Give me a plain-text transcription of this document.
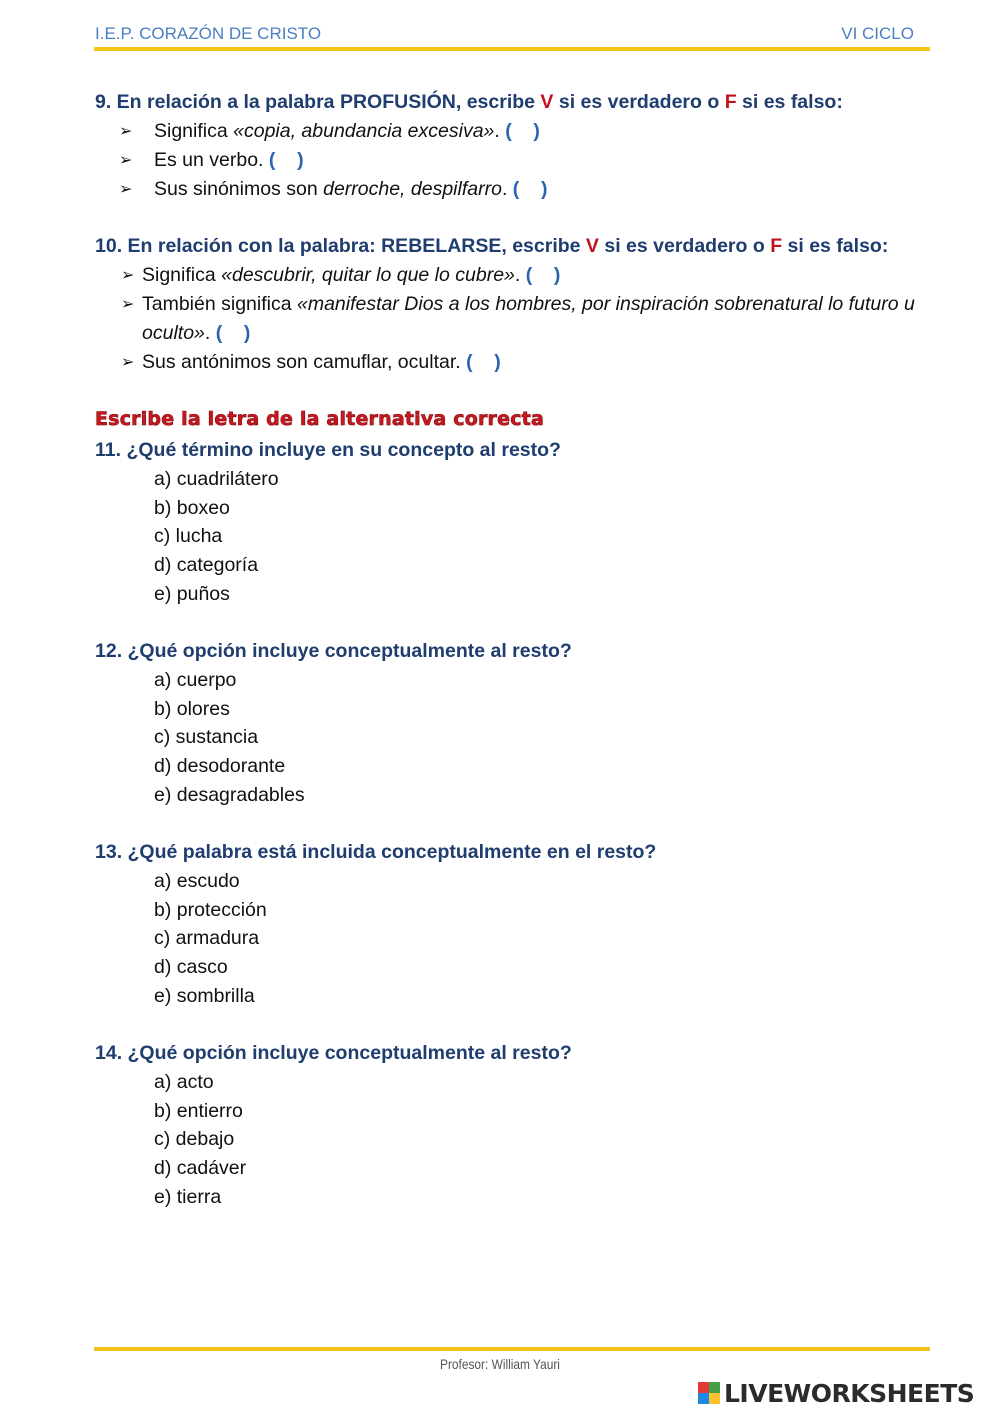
I.E.P. CORAZÓN DE CRISTO	VI CICLO
9. En relación a la palabra PROFUSIÓN, escribe V si es verdadero o F si es falso:
➢ Significa «copia, abundancia excesiva». (    )
➢ Es un verbo. (    )
➢ Sus sinónimos son derroche, despilfarro. (    )
10. En relación con la palabra: REBELARSE, escribe V si es verdadero o F si es falso:
➢ Significa «descubrir, quitar lo que lo cubre». (    )
➢ También significa «manifestar Dios a los hombres, por inspiración sobrenatural lo futuro u oculto». (    )
➢ Sus antónimos son camuflar, ocultar. (    )
Escribe la letra de la alternativa correcta
11. ¿Qué término incluye en su concepto al resto?
a) cuadrilátero
b) boxeo
c) lucha
d) categoría
e) puños
12. ¿Qué opción incluye conceptualmente al resto?
a) cuerpo
b) olores
c) sustancia
d) desodorante
e) desagradables
13. ¿Qué palabra está incluida conceptualmente en el resto?
a) escudo
b) protección
c) armadura
d) casco
e) sombrilla
14. ¿Qué opción incluye conceptualmente al resto?
a) acto
b) entierro
c) debajo
d) cadáver
e) tierra
Profesor: William Yauri
LIVEWORKSHEETS
